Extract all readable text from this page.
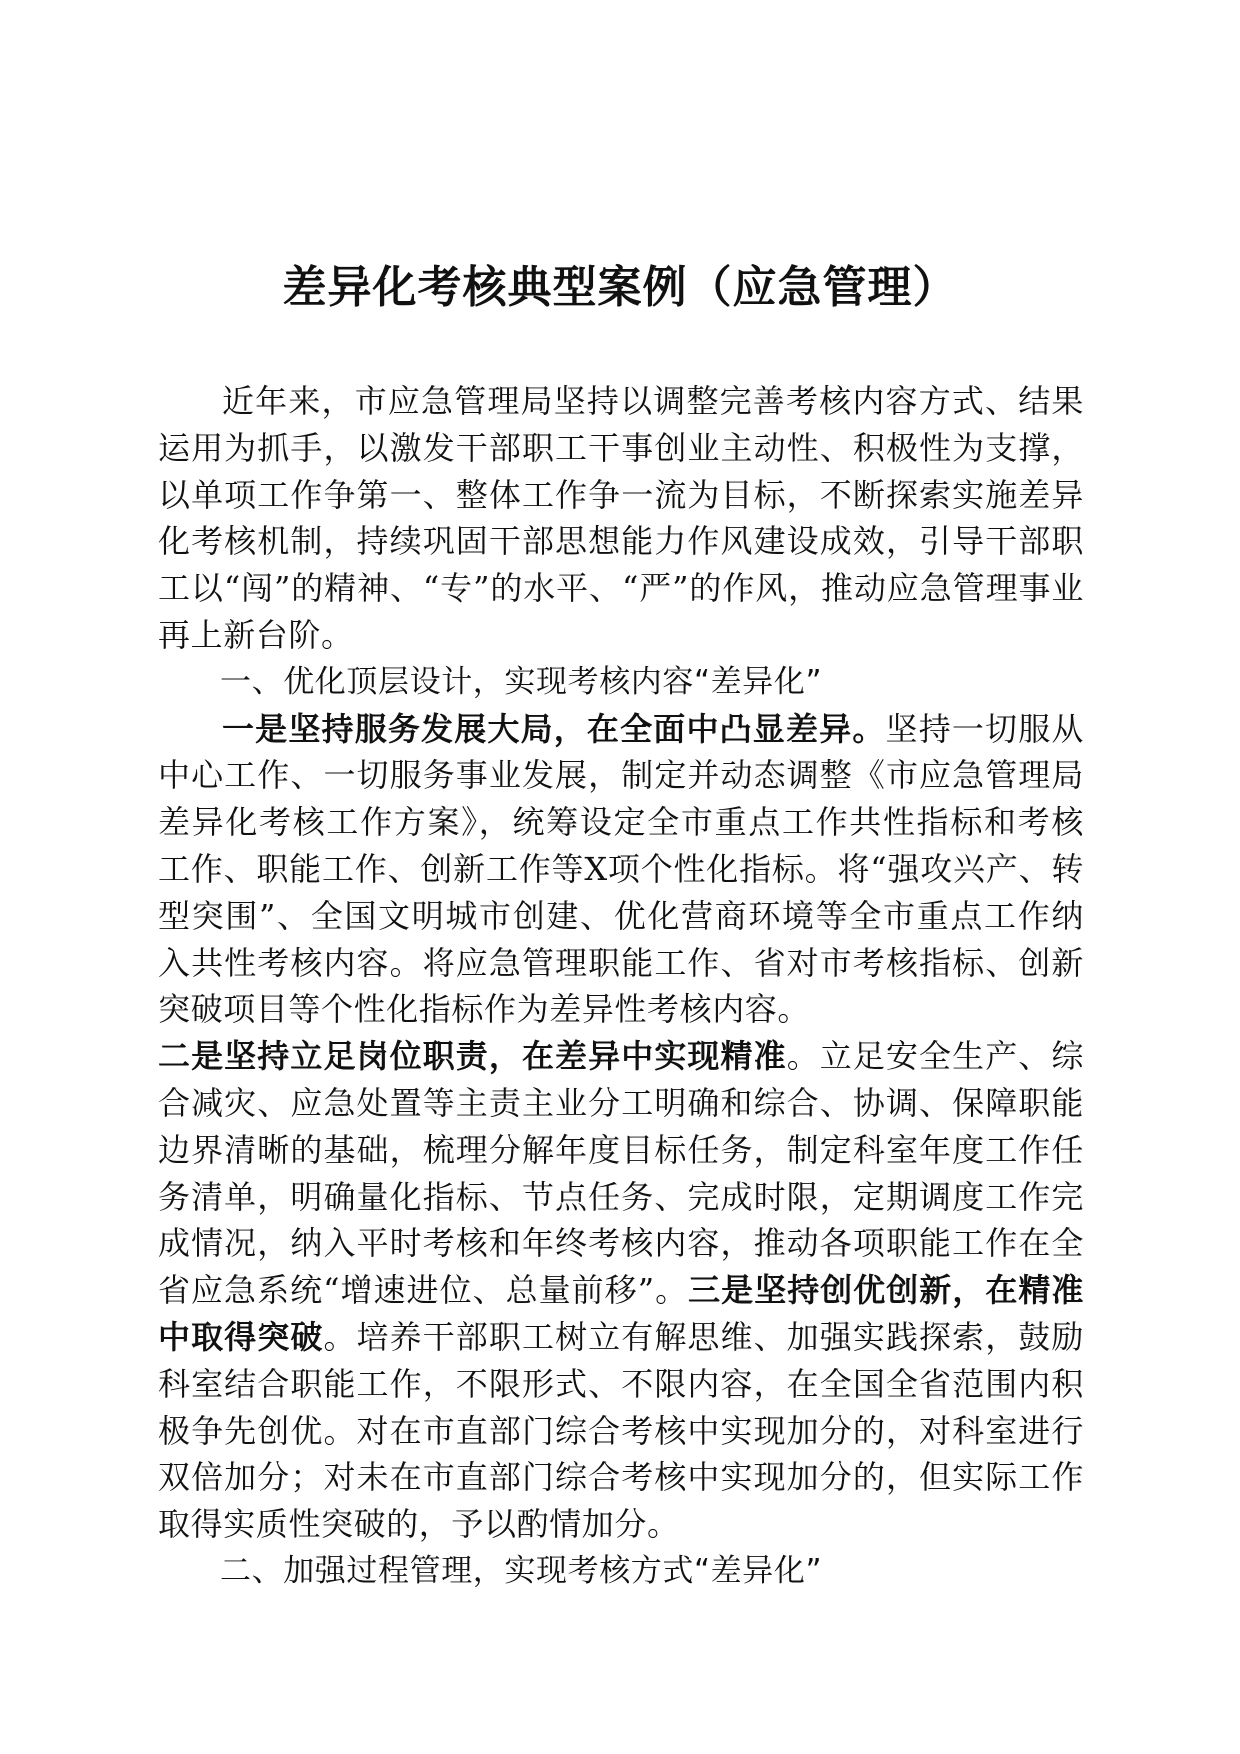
差异化考核典型案例（应急管理）

近年来，市应急管理局坚持以调整完善考核内容方式、结果运用为抓手，以激发干部职工干事创业主动性、积极性为支撑，以单项工作争第一、整体工作争一流为目标，不断探索实施差异化考核机制，持续巩固干部思想能力作风建设成效，引导干部职工以“闯”的精神、“专”的水平、“严”的作风，推动应急管理事业再上新台阶。

一、优化顶层设计，实现考核内容“差异化”

一是坚持服务发展大局，在全面中凸显差异。坚持一切服从中心工作、一切服务事业发展，制定并动态调整《市应急管理局差异化考核工作方案》，统筹设定全市重点工作共性指标和考核工作、职能工作、创新工作等X项个性化指标。将“强攻兴产、转型突围”、全国文明城市创建、优化营商环境等全市重点工作纳入共性考核内容。将应急管理职能工作、省对市考核指标、创新突破项目等个性化指标作为差异性考核内容。

二是坚持立足岗位职责，在差异中实现精准。立足安全生产、综合减灾、应急处置等主责主业分工明确和综合、协调、保障职能边界清晰的基础，梳理分解年度目标任务，制定科室年度工作任务清单，明确量化指标、节点任务、完成时限，定期调度工作完成情况，纳入平时考核和年终考核内容，推动各项职能工作在全省应急系统“增速进位、总量前移”。三是坚持创优创新，在精准中取得突破。培养干部职工树立有解思维、加强实践探索，鼓励科室结合职能工作，不限形式、不限内容，在全国全省范围内积极争先创优。对在市直部门综合考核中实现加分的，对科室进行双倍加分；对未在市直部门综合考核中实现加分的，但实际工作取得实质性突破的，予以酌情加分。

二、加强过程管理，实现考核方式“差异化”
